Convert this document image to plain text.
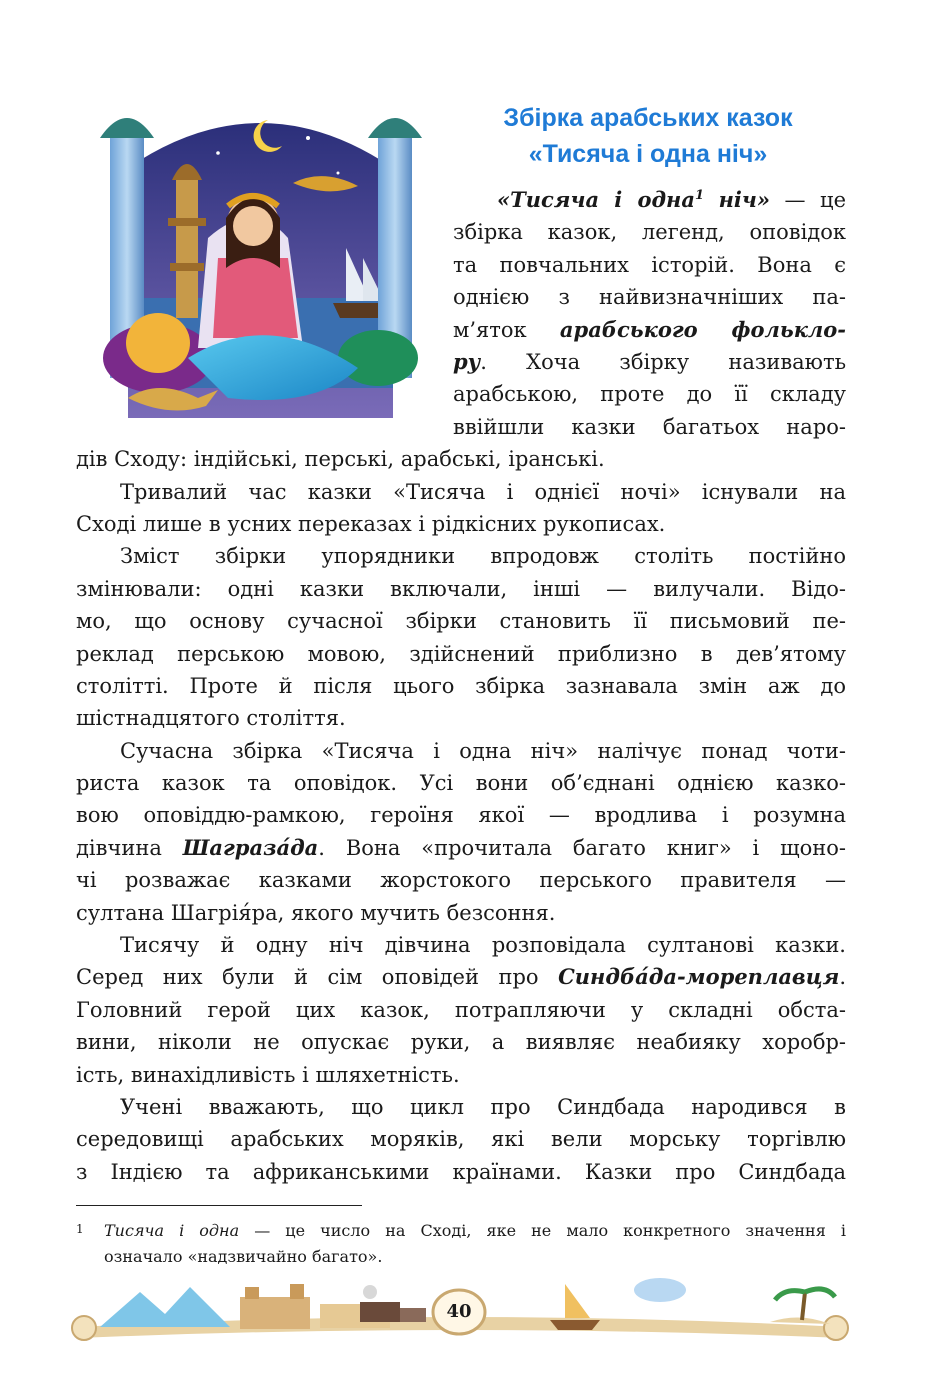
Збірка арабських казок
«Тисяча і одна ніч»
«Тисяча і одна$^1$ ніч» — це
збірка казок, легенд, оповідок
та повчальних історій. Вона є
однією з найвизначніших па-
м’яток арабського фолькло-
ру. Хоча збірку називають
арабською, проте до її складу
ввійшли казки багатьох наро-
дів Сходу: індійські, перські, арабські, іранські.
Тривалий час казки «Тисяча і однієї ночі» існували на
Сході лише в усних переказах і рідкісних рукописах.
Зміст збірки упорядники впродовж століть постійно
змінювали: одні казки включали, інші — вилучали. Відо-
мо, що основу сучасної збірки становить її письмовий пе-
реклад перською мовою, здійснений приблизно в дев’ятому
столітті. Проте й після цього збірка зазнавала змін аж до
шістнадцятого століття.
Сучасна збірка «Тисяча і одна ніч» налічує понад чоти-
риста казок та оповідок. Усі вони об’єднані однією казко-
вою оповіддю-рамкою, героїня якої — вродлива і розумна
дівчина Шаграза́да. Вона «прочитала багато книг» і щоно-
чі розважає казками жорстокого перського правителя —
султана Шагрія́ра, якого мучить безсоння.
Тисячу й одну ніч дівчина розповідала султанові казки.
Серед них були й сім оповідей про Синдба́да-мореплавця.
Головний герой цих казок, потрапляючи у складні обста-
вини, ніколи не опускає руки, а виявляє неабияку хоробр-
ість, винахідливість і шляхетність.
Учені вважають, що цикл про Синдбада народився в
середовищі арабських моряків, які вели морську торгівлю
з Індією та африканськими країнами. Казки про Синдбада
1	Тисяча і одна — це число на Сході, яке не мало конкретного значення і
означало «надзвичайно багато».
40
